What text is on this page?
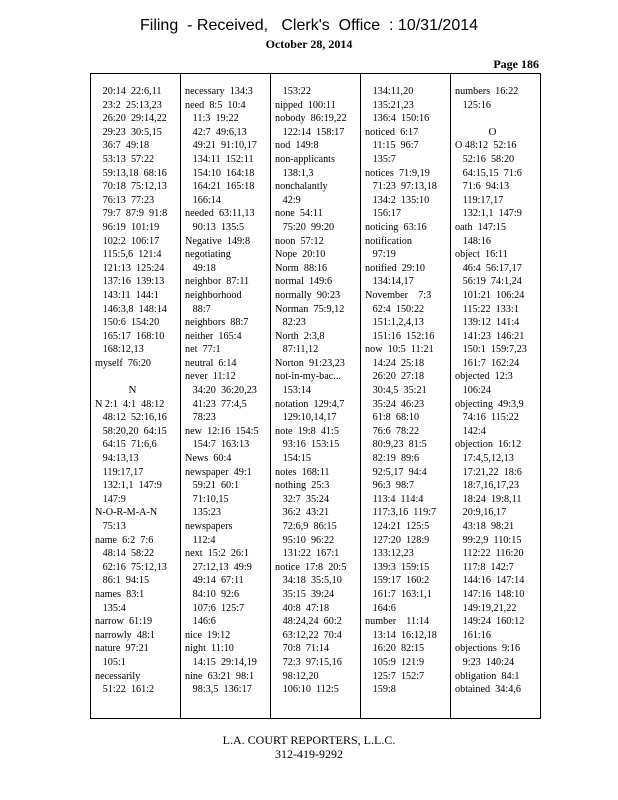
Filing  - Received,   Clerk's  Office  : 10/31/2014
October 28, 2014
Page 186
20:14  22:6,11
23:2  25:13,23
26:20  29:14,22
29:23  30:5,15
36:7  49:18
53:13  57:22
59:13,18  68:16
70:18  75:12,13
76:13  77:23
79:7  87:9  91:8
96:19  101:19
102:2  106:17
115:5,6  121:4
121:13  125:24
137:16  139:13
143:11  144:1
146:3,8  148:14
150:6  154:20
165:17  168:10
168:12,13
myself  76:20

N
N 2:1  4:1  48:12
48:12  52:16,16
58:20,20  64:15
64:15  71:6,6
94:13,13
119:17,17
132:1,1  147:9
147:9
N-O-R-M-A-N
75:13
name  6:2  7:6
48:14  58:22
62:16  75:12,13
86:1  94:15
names  83:1
135:4
narrow  61:19
narrowly  48:1
nature  97:21
105:1
necessarily
51:22  161:2
necessary  134:3
need  8:5  10:4
11:3  19:22
42:7  49:6,13
49:21  91:10,17
134:11  152:11
154:10  164:18
164:21  165:18
166:14
needed  63:11,13
90:13  135:5
Negative  149:8
negotiating
49:18
neighbor  87:11
neighborhood
88:7
neighbors  88:7
neither  165:4
net  77:1
neutral  6:14
never  11:12
34:20  36:20,23
41:23  77:4,5
78:23
new  12:16  154:5
154:7  163:13
News  60:4
newspaper  49:1
59:21  60:1
71:10,15
135:23
newspapers
112:4
next  15:2  26:1
27:12,13  49:9
49:14  67:11
84:10  92:6
107:6  125:7
146:6
nice  19:12
night  11:10
14:15  29:14,19
nine  63:21  98:1
98:3,5  136:17
153:22
nipped  100:11
nobody  86:19,22
122:14  158:17
nod  149:8
non-applicants
138:1,3
nonchalantly
42:9
none  54:11
75:20  99:20
noon  57:12
Nope  20:10
Norm  88:16
normal  149:6
normally  90:23
Norman  75:9,12
82:23
North  2:3,8
87:11,12
Norton  91:23,23
not-in-my-bac...
153:14
notation  129:4,7
129:10,14,17
note  19:8  41:5
93:16  153:15
154:15
notes  168:11
nothing  25:3
32:7  35:24
36:2  43:21
72:6,9  86:15
95:10  96:22
131:22  167:1
notice  17:8  20:5
34:18  35:5,10
35:15  39:24
40:8  47:18
48:24,24  60:2
63:12,22  70:4
70:8  71:14
72:3  97:15,16
98:12,20
106:10  112:5
134:11,20
135:21,23
136:4  150:16
noticed  6:17
11:15  96:7
135:7
notices  71:9,19
71:23  97:13,18
134:2  135:10
156:17
noticing  63:16
notification
97:19
notified  29:10
134:14,17
November    7:3
62:4  150:22
151:1,2,4,13
151:16  152:16
now  10:5  11:21
14:24  25:18
26:20  27:18
30:4,5  35:21
35:24  46:23
61:8  68:10
76:6  78:22
80:9,23  81:5
82:19  89:6
92:5,17  94:4
96:3  98:7
113:4  114:4
117:3,16  119:7
124:21  125:5
127:20  128:9
133:12,23
139:3  159:15
159:17  160:2
161:7  163:1,1
164:6
number    11:14
13:14  16:12,18
16:20  82:15
105:9  121:9
125:7  152:7
159:8
numbers  16:22
125:16

O
O 48:12  52:16
52:16  58:20
64:15,15  71:6
71:6  94:13
119:17,17
132:1,1  147:9
oath  147:15
148:16
object  16:11
46:4  56:17,17
56:19  74:1,24
101:21  106:24
115:22  133:1
139:12  141:4
141:23  146:21
150:1  159:7,23
161:7  162:24
objected  12:3
106:24
objecting  49:3,9
74:16  115:22
142:4
objection  16:12
17:4,5,12,13
17:21,22  18:6
18:7,16,17,23
18:24  19:8,11
20:9,16,17
43:18  98:21
99:2,9  110:15
112:22  116:20
117:8  142:7
144:16  147:14
147:16  148:10
149:19,21,22
149:24  160:12
161:16
objections  9:16
9:23  140:24
obligation  84:1
obtained  34:4,6
L.A. COURT REPORTERS, L.L.C.
312-419-9292
